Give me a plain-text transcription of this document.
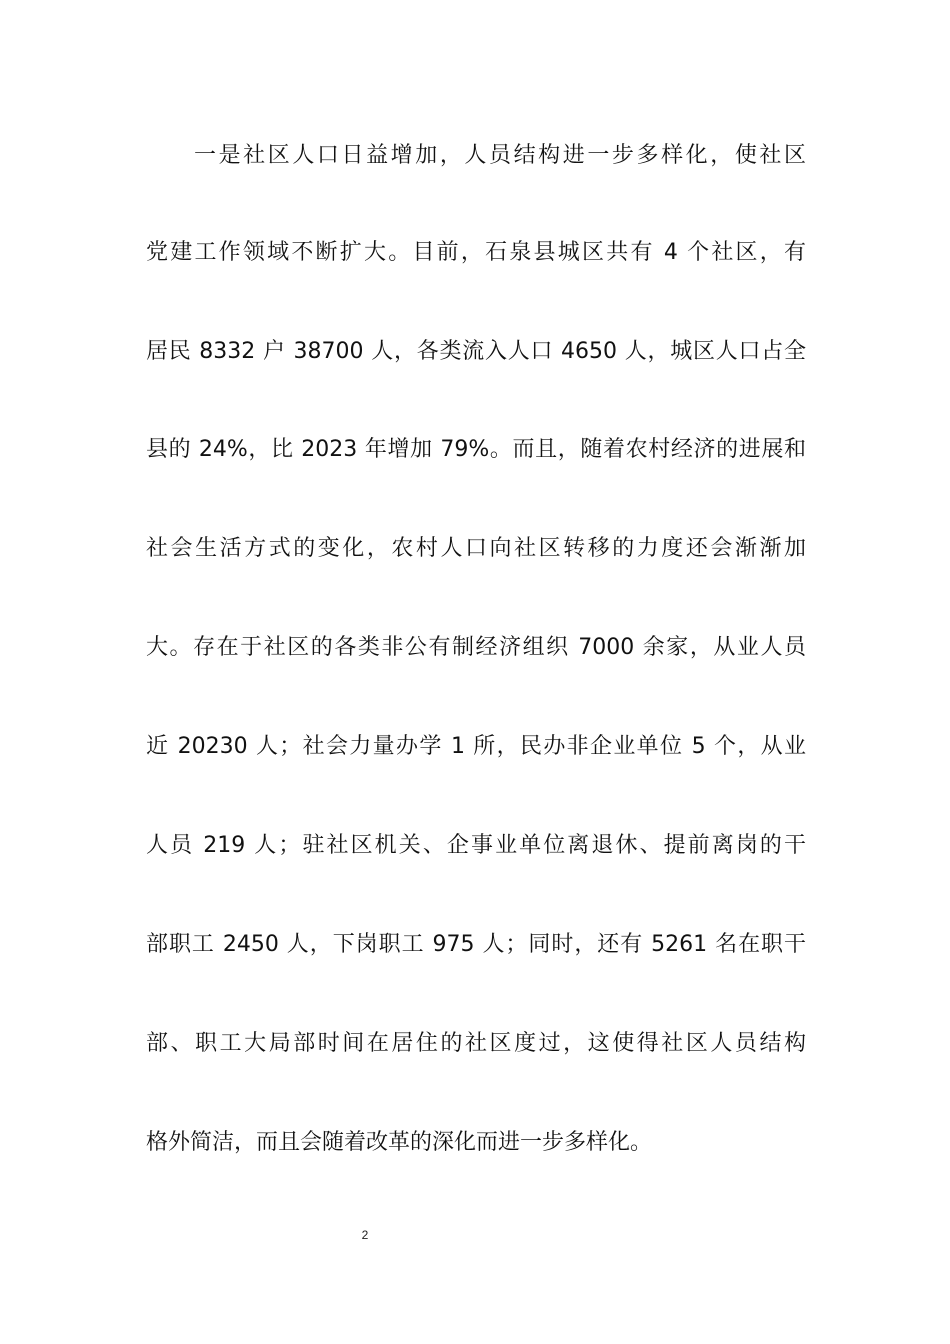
一是社区人口日益增加，人员结构进一步多样化，使社区
党建工作领域不断扩大。目前，石泉县城区共有 4 个社区，有
居民 8332 户 38700 人，各类流入人口 4650 人，城区人口占全
县的 24%，比 2023 年增加 79%。而且，随着农村经济的进展和
社会生活方式的变化，农村人口向社区转移的力度还会渐渐加
大。存在于社区的各类非公有制经济组织 7000 余家，从业人员
近 20230 人；社会力量办学 1 所，民办非企业单位 5 个，从业
人员 219 人；驻社区机关、企事业单位离退休、提前离岗的干
部职工 2450 人，下岗职工 975 人；同时，还有 5261 名在职干
部、职工大局部时间在居住的社区度过，这使得社区人员结构
格外简洁，而且会随着改革的深化而进一步多样化。
2
